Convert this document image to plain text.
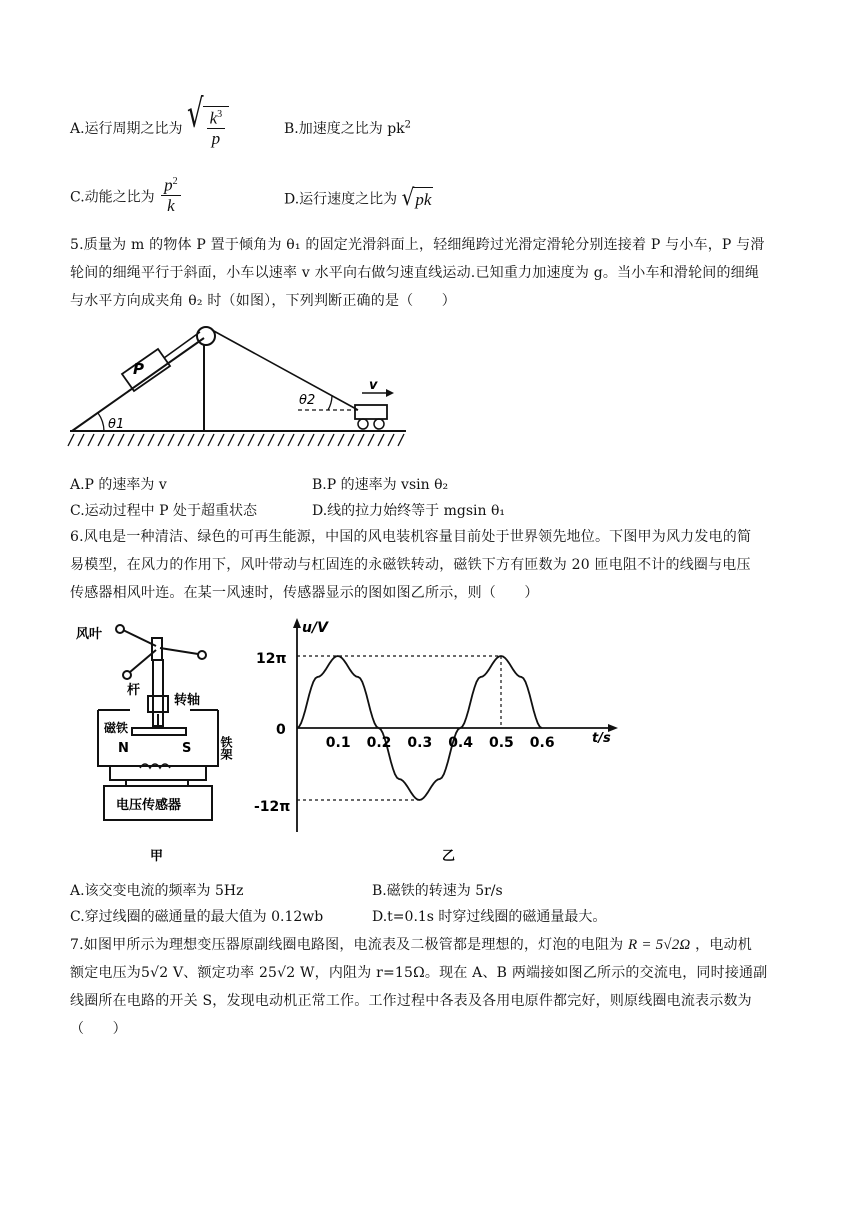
A.运行周期之比为 √ $\frac{k^3}{p}$	B.加速度之比为 $pk^2$
C.动能之比为 $\frac{p^2}{k}$	D.运行速度之比为 √ pk
5.质量为 m 的物体 P 置于倾角为 θ₁ 的固定光滑斜面上，轻细绳跨过光滑定滑轮分别连接着 P 与小车，P 与滑
轮间的细绳平行于斜面，小车以速率 v 水平向右做匀速直线运动.已知重力加速度为 g。当小车和滑轮间的细绳
与水平方向成夹角 θ₂ 时（如图），下列判断正确的是（　　）
P
θ1
θ2
v
A.P 的速率为 v	B.P 的速率为 vsin θ₂
C.运动过程中 P 处于超重状态	D.线的拉力始终等于 mgsin θ₁
6.风电是一种清洁、绿色的可再生能源，中国的风电装机容量目前处于世界领先地位。下图甲为风力发电的简
易模型，在风力的作用下，风叶带动与杠固连的永磁铁转动，磁铁下方有匝数为 20 匝电阻不计的线圈与电压
传感器相风叶连。在某一风速时，传感器显示的图如图乙所示，则（　　）
风叶
杆
转轴
磁铁
N	S 铁架
电压传感器
甲
0.1 0.2 0.3 0.4 0.5 0.6
u/V
t/s
12π
-12π
0
乙
A.该交变电流的频率为 5Hz	B.磁铁的转速为 5r/s
C.穿过线圈的磁通量的最大值为 0.12wb	D.t=0.1s 时穿过线圈的磁通量最大。
7.如图甲所示为理想变压器原副线圈电路图，电流表及二极管都是理想的，灯泡的电阻为 R = 5√2Ω ，电动机
额定电压为5√2 V、额定功率 25√2 W，内阻为 r=15Ω。现在 A、B 两端接如图乙所示的交流电，同时接通副
线圈所在电路的开关 S，发现电动机正常工作。工作过程中各表及各用电原件都完好，则原线圈电流表示数为
（　　）
